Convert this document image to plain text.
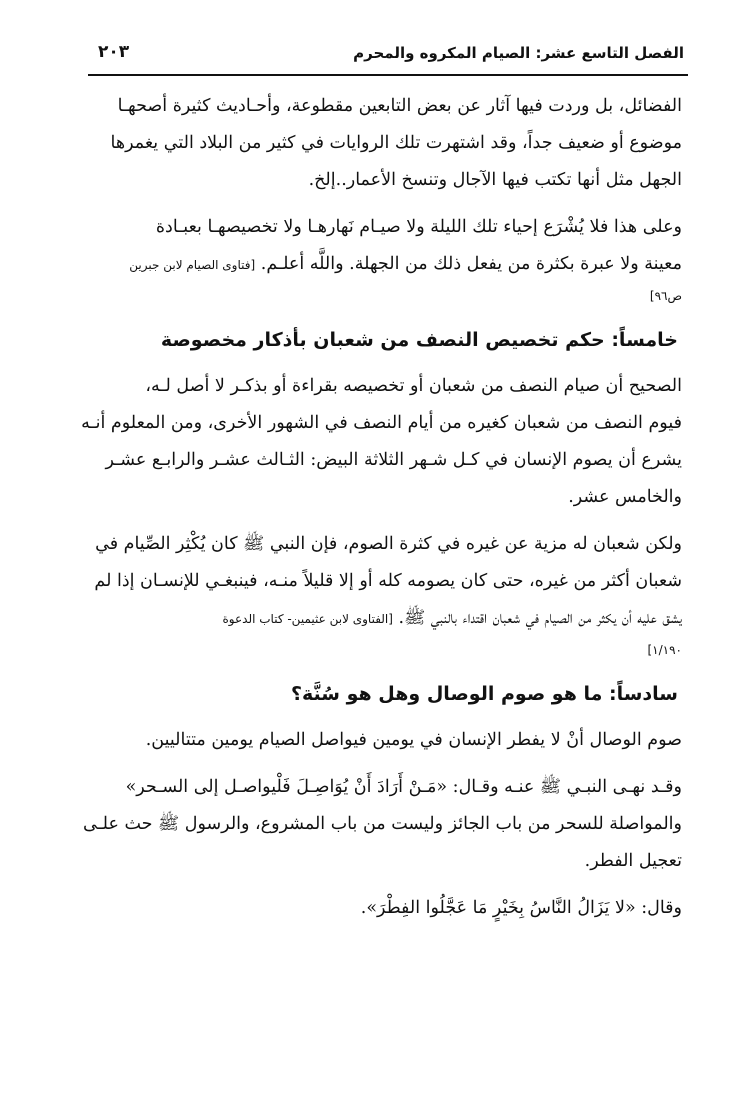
الفصل التاسع عشر: الصيام المكروه والمحرم
٢٠٣
الفضائل، بل وردت فيها آثار عن بعض التابعين مقطوعة، وأحـاديث كثيرة أصحهـا
موضوع أو ضعيف جداً، وقد اشتهرت تلك الروايات في كثير من البلاد التي يغمرها
الجهل مثل أنها تكتب فيها الآجال وتنسخ الأعمار..إلخ.
وعلى هذا فلا يُشْرَع إحياء تلك الليلة ولا صيـام نَهارهـا ولا تخصيصهـا بعبـادة
معينة ولا عبرة بكثرة من يفعل ذلك من الجهلة. واللَّه أعلـم. [فتاوى الصيام لابن جبرين
ص٩٦]
خامساً: حكم تخصيص النصف من شعبان بأذكار مخصوصة
الصحيح أن صيام النصف من شعبان أو تخصيصه بقراءة أو بذكـر لا أصل لـه،
فيوم النصف من شعبان كغيره من أيام النصف في الشهور الأخرى، ومن المعلوم أنـه
يشرع أن يصوم الإنسان في كـل شـهر الثلاثة البيض: الثـالث عشـر والرابـع عشـر
والخامس عشر.
ولكن شعبان له مزية عن غيره في كثرة الصوم، فإن النبي ﷺ كان يُكْثِر الصِّيام في
شعبان أكثر من غيره، حتى كان يصومه كله أو إلا قليلاً منـه، فينبغـي للإنسـان إذا لم
يشق عليه أن يكثر من الصيام في شعبان اقتداء بالنبي ﷺ. [الفتاوى لابن عثيمين- كتاب الدعوة
١/١٩٠]
سادساً: ما هو صوم الوصال وهل هو سُنَّة؟
صوم الوصال أنْ لا يفطر الإنسان في يومين فيواصل الصيام يومين متتاليين.
وقـد نهـى النبـي ﷺ عنـه وقـال: «مَـنْ أَرَادَ أَنْ يُوَاصِـلَ فَلْيواصـل إلى السـحر»
والمواصلة للسحر من باب الجائز وليست من باب المشروع، والرسول ﷺ حث علـى
تعجيل الفطر.
وقال: «لا يَزَالُ النَّاسُ بِخَيْرٍ مَا عَجَّلُوا الفِطْرَ».
